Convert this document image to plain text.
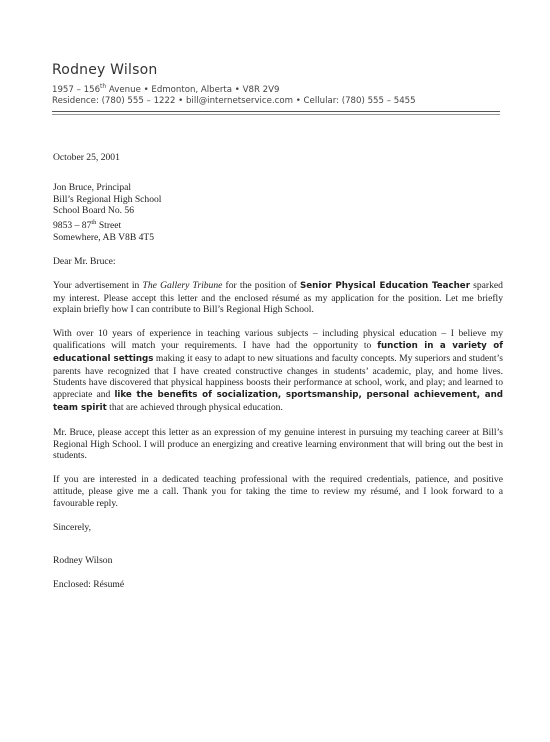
Rodney Wilson
1957 – 156th Avenue • Edmonton, Alberta • V8R 2V9
Residence: (780) 555 – 1222 • bill@internetservice.com • Cellular: (780) 555 – 5455

October 25, 2001

Jon Bruce, Principal
Bill’s Regional High School
School Board No. 56
9853 – 87th Street
Somewhere, AB V8B 4T5

Dear Mr. Bruce:

Your advertisement in The Gallery Tribune for the position of Senior Physical Education Teacher sparked my interest. Please accept this letter and the enclosed résumé as my application for the position. Let me briefly explain briefly how I can contribute to Bill’s Regional High School.

With over 10 years of experience in teaching various subjects – including physical education – I believe my qualifications will match your requirements. I have had the opportunity to function in a variety of educational settings making it easy to adapt to new situations and faculty concepts. My superiors and student’s parents have recognized that I have created constructive changes in students’ academic, play, and home lives. Students have discovered that physical happiness boosts their performance at school, work, and play; and learned to appreciate and like the benefits of socialization, sportsmanship, personal achievement, and team spirit that are achieved through physical education.

Mr. Bruce, please accept this letter as an expression of my genuine interest in pursuing my teaching career at Bill’s Regional High School. I will produce an energizing and creative learning environment that will bring out the best in students.

If you are interested in a dedicated teaching professional with the required credentials, patience, and positive attitude, please give me a call. Thank you for taking the time to review my résumé, and I look forward to a favourable reply.

Sincerely,

Rodney Wilson

Enclosed: Résumé
